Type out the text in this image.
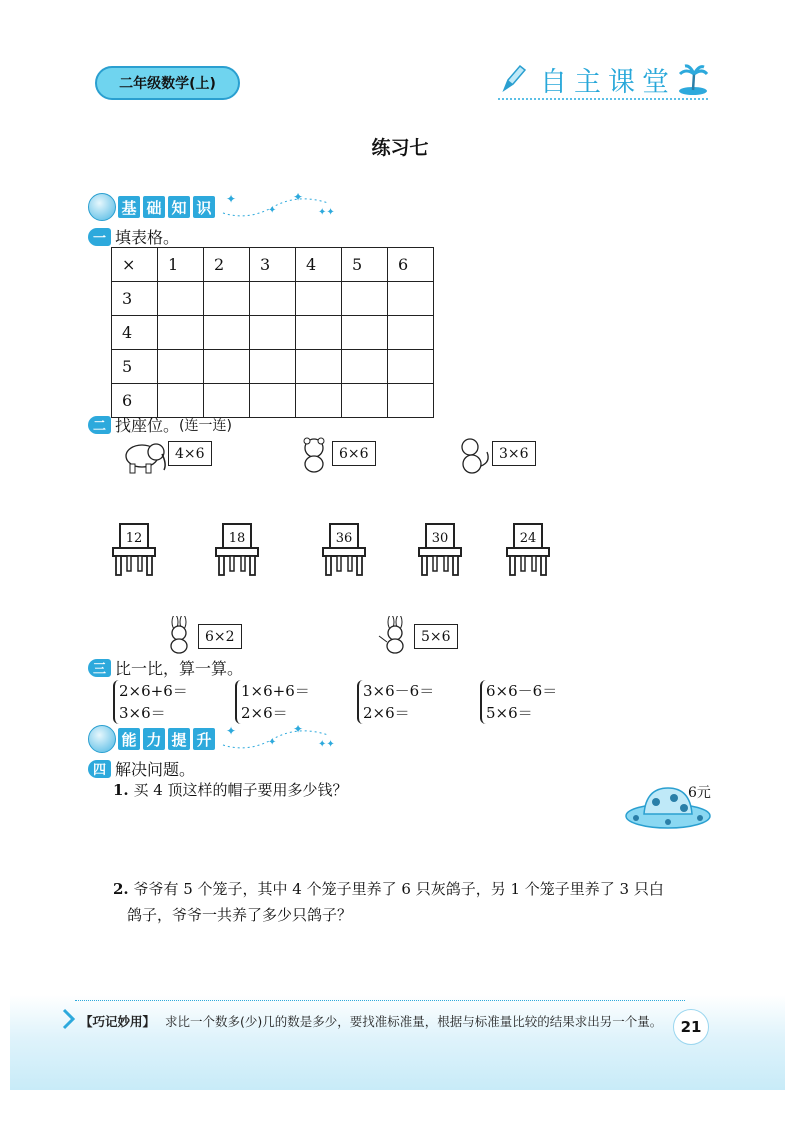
二年级数学(上)	自主课堂
练习七
基 础 知 识 ✦
✦
✦
✦✦
一 填表格。
×	1	2	3	4	5	6
3						
4						
5						
6						
二 找座位。 (连一连)
4×6	6×6	3×6
12	18	36	30	24
6×2	5×6
三 比一比，算一算。
2×6+6＝
3×6＝
1×6+6＝
2×6＝
3×6－6＝
2×6＝
6×6－6＝
5×6＝
能 力 提 升 ✦
✦
✦
✦✦
四 解决问题。
1. 买 4 顶这样的帽子要用多少钱？	6元
2. 爷爷有 5 个笼子，其中 4 个笼子里养了 6 只灰鸽子，另 1 个笼子里养了 3 只白
鸽子，爷爷一共养了多少只鸽子？
【巧记妙用】 求比一个数多(少)几的数是多少，要找准标准量，根据与标准量比较的结果求出另一个量。	21
